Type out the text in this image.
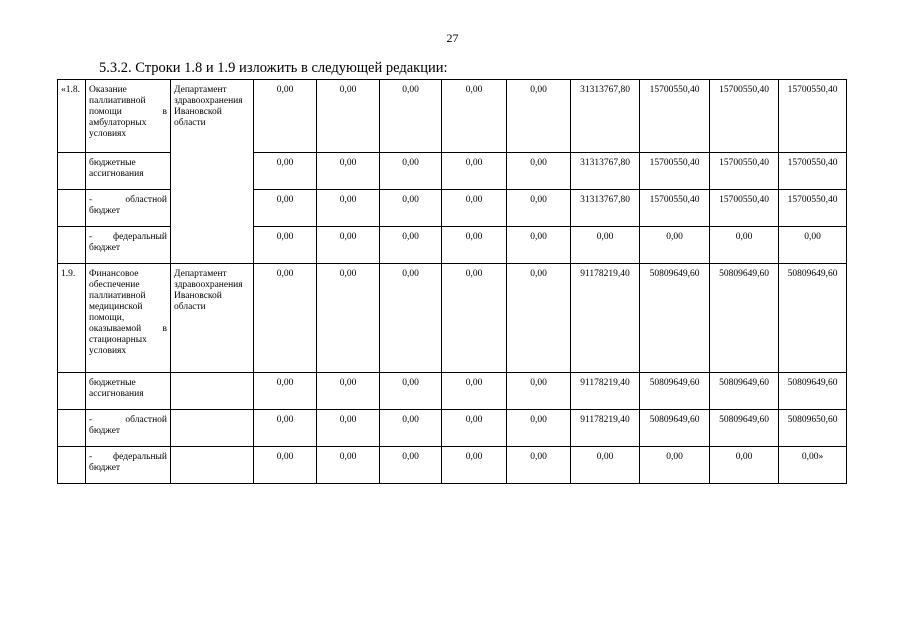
27
5.3.2. Строки 1.8 и 1.9 изложить в следующей редакции:
«1.8.	Оказание паллиативной помощи в амбулаторных условиях	Департамент здравоохранения Ивановской области	0,00	0,00	0,00	0,00	0,00	31313767,80	15700550,40	15700550,40	15700550,40
	бюджетные ассигнования		0,00	0,00	0,00	0,00	0,00	31313767,80	15700550,40	15700550,40	15700550,40
	- областной бюджет		0,00	0,00	0,00	0,00	0,00	31313767,80	15700550,40	15700550,40	15700550,40
	- федеральный бюджет		0,00	0,00	0,00	0,00	0,00	0,00	0,00	0,00	0,00
1.9.	Финансовое обеспечение паллиативной медицинской помощи, оказываемой в стационарных условиях	Департамент здравоохранения Ивановской области	0,00	0,00	0,00	0,00	0,00	91178219,40	50809649,60	50809649,60	50809649,60
	бюджетные ассигнования		0,00	0,00	0,00	0,00	0,00	91178219,40	50809649,60	50809649,60	50809649,60
	- областной бюджет		0,00	0,00	0,00	0,00	0,00	91178219,40	50809649,60	50809649,60	50809650,60
	- федеральный бюджет		0,00	0,00	0,00	0,00	0,00	0,00	0,00	0,00	0,00»
